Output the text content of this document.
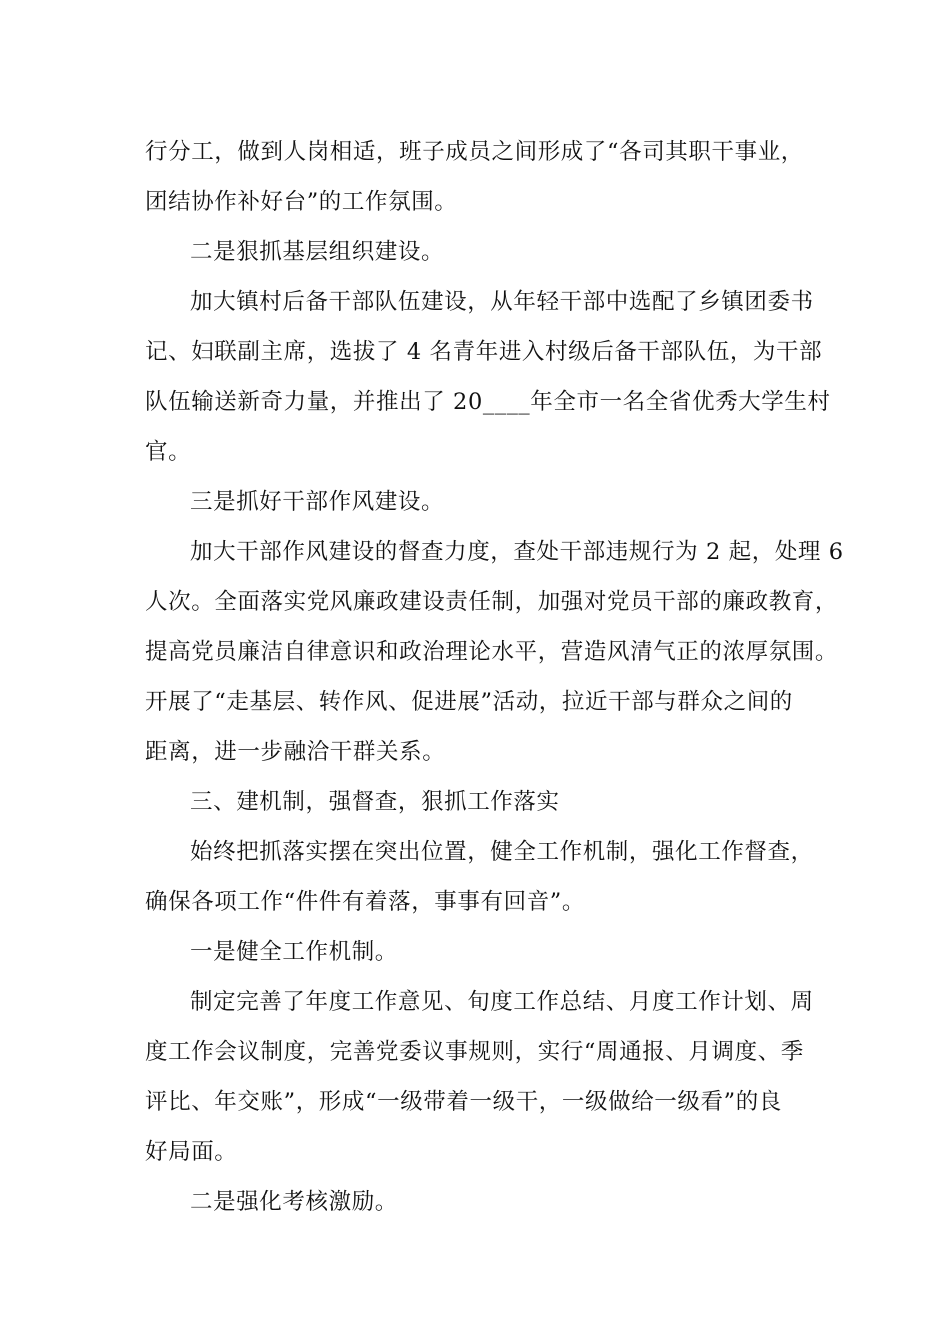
行分工，做到人岗相适，班子成员之间形成了“各司其职干事业，
团结协作补好台”的工作氛围。
二是狠抓基层组织建设。
加大镇村后备干部队伍建设，从年轻干部中选配了乡镇团委书
记、妇联副主席，选拔了 4 名青年进入村级后备干部队伍，为干部
队伍输送新奇力量，并推出了 20____年全市一名全省优秀大学生村
官。
三是抓好干部作风建设。
加大干部作风建设的督查力度，查处干部违规行为 2 起，处理 6
人次。全面落实党风廉政建设责任制，加强对党员干部的廉政教育，
提高党员廉洁自律意识和政治理论水平，营造风清气正的浓厚氛围。
开展了“走基层、转作风、促进展”活动，拉近干部与群众之间的
距离，进一步融洽干群关系。
三、建机制，强督查，狠抓工作落实
始终把抓落实摆在突出位置，健全工作机制，强化工作督查，
确保各项工作“件件有着落，事事有回音”。
一是健全工作机制。
制定完善了年度工作意见、旬度工作总结、月度工作计划、周
度工作会议制度，完善党委议事规则，实行“周通报、月调度、季
评比、年交账”，形成“一级带着一级干，一级做给一级看”的良
好局面。
二是强化考核激励。
